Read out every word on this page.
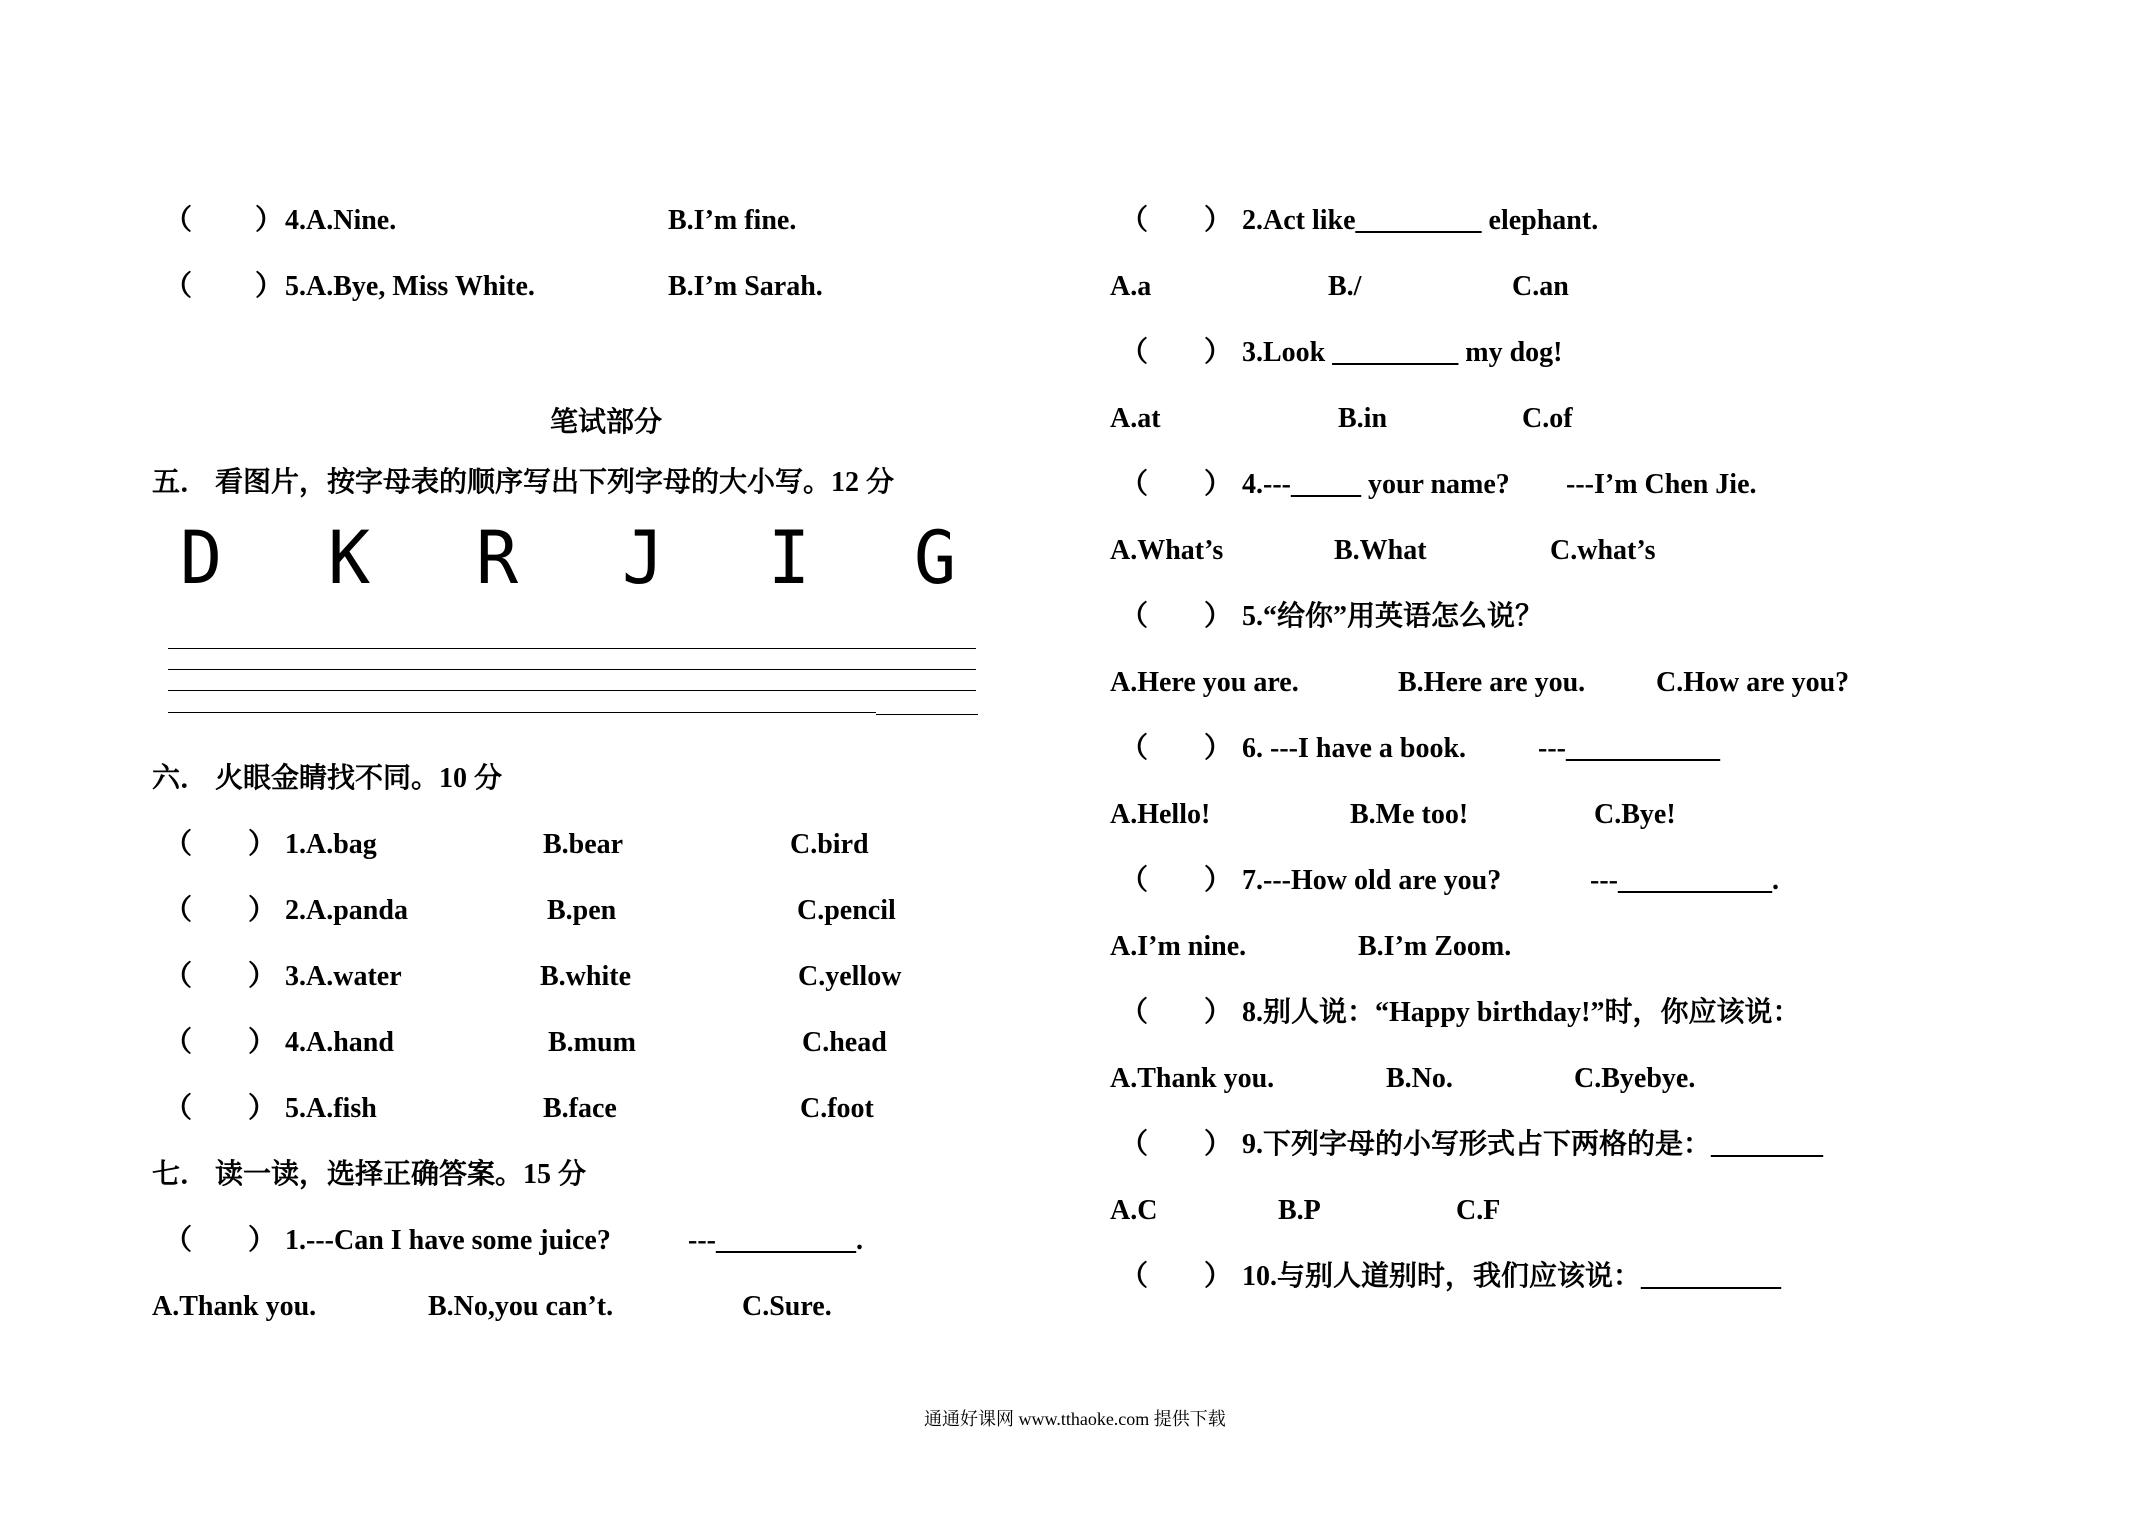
（ ） 4.A.Nine.	B.I’m fine.
（ ） 5.A.Bye, Miss White.	B.I’m Sarah.
笔试部分
五． 看图片，按字母表的顺序写出下列字母的大小写。12 分
D K R J I G
六． 火眼金睛找不同。10 分
（ ） 1.A.bag	B.bear	C.bird
（ ） 2.A.panda	B.pen	C.pencil
（ ） 3.A.water	B.white	C.yellow
（ ） 4.A.hand	B.mum	C.head
（ ） 5.A.fish	B.face	C.foot
七． 读一读，选择正确答案。15 分
（ ） 1.---Can I have some juice?	---__________.
A.Thank you.	B.No,you can’t.	C.Sure.
（ ） 2.Act like_________ elephant.
A.a	B./	C.an
（ ） 3.Look _________ my dog!
A.at	B.in	C.of
（ ） 4.---_____ your name? ---I’m Chen Jie.
A.What’s	B.What	C.what’s
（ ） 5.“给你”用英语怎么说？
A.Here you are.	B.Here are you.	C.How are you?
（ ） 6. ---I have a book.	---___________
A.Hello!	B.Me too!	C.Bye!
（ ） 7.---How old are you?	---___________.
A.I’m nine.	B.I’m Zoom.
（ ） 8.别人说：“Happy birthday!”时，你应该说：
A.Thank you.	B.No.	C.Byebye.
（ ） 9.下列字母的小写形式占下两格的是：________
A.C	B.P	C.F
（ ） 10.与别人道别时，我们应该说：__________
通通好课网 www.tthaoke.com 提供下载
